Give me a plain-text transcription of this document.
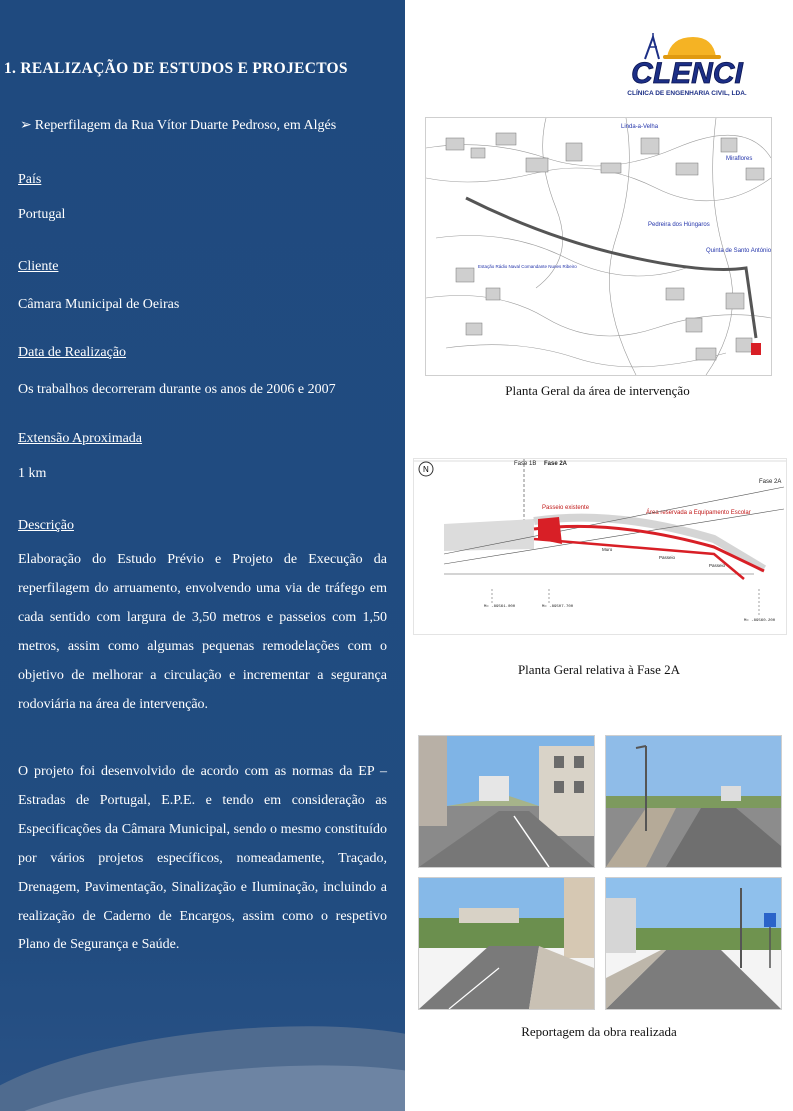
1. REALIZAÇÃO DE ESTUDOS E PROJECTOS
➢ Reperfilagem da Rua Vítor Duarte Pedroso, em Algés
País
Portugal
Cliente
Câmara Municipal de Oeiras
Data de Realização
Os trabalhos decorreram durante os anos de 2006 e 2007
Extensão Aproximada
1 km
Descrição

Elaboração do Estudo Prévio e Projeto de Execução da reperfilagem do arruamento, envolvendo uma via de tráfego em cada sentido com largura de 3,50 metros e passeios com 1,50 metros, assim como algumas pequenas remodelações com o objetivo de melhorar a circulação e incrementar a segurança rodoviária na área de intervenção.

O projeto foi desenvolvido de acordo com as normas da EP – Estradas de Portugal, E.P.E. e tendo em consideração as Especificações da Câmara Municipal, sendo o mesmo constituído por vários projetos específicos, nomeadamente, Traçado, Drenagem, Pavimentação, Sinalização e Iluminação, incluindo a realização de Caderno de Encargos, assim como o respetivo Plano de Segurança e Saúde.

CLENCI
CLÍNICA DE ENGENHARIA CIVIL, LDA.
Linda-a-Velha
Miraflores
Pedreira dos Húngaros
Quinta de Santo António
Estação Rádio Naval Comandante Nunes Ribeiro
Planta Geral da área de intervenção
N
Fase 1B Fase 2A
Fase 2A
Passeio existente
Área reservada a Equipamento Escolar
Muro
Passeio
Passeio
M= -89561.000	M= -89507.700
M= -89560.200
Planta Geral relativa à Fase 2A
Reportagem da obra realizada
